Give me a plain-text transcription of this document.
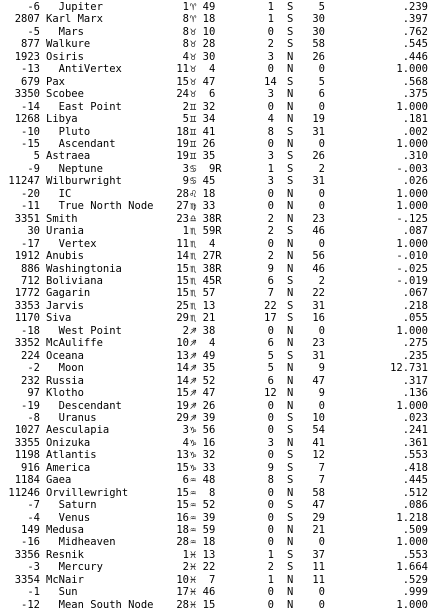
-6 Jupiter	1 ♈ 49	1 S	5	.239
2807 Karl Marx	8 ♈ 18	1 S	30	.397
-5 Mars	8 ♉ 10	0 S	30	.762
877 Walkure	8 ♉ 28	2 S	58	.545
1923 Osiris	4 ♉ 30	3 N	26	.446
-13 AntiVertex	11 ♉  4	0 N	0	1.000
679 Pax	15 ♉ 47	14 S	5	.568
3350 Scobee	24 ♉  6	3 N	6	.375
-14 East Point	2 ♊ 32	0 N	0	1.000
1268 Libya	5 ♊ 34	4 N	19	.181
-10 Pluto	18 ♊ 41	8 S	31	.002
-15 Ascendant	19 ♊ 26	0 N	0	1.000
5 Astraea	19 ♊ 35	3 S	26	.310
-9 Neptune	3 ♋  9R	1 S	2	-.003
11247 Wilburwright	9 ♋ 45	3 S	31	.026
-20 IC	28 ♌ 18	0 N	0	1.000
-11 True North Node	27 ♍ 33	0 N	0	1.000
3351 Smith	23 ♎ 38R	2 N	23	-.125
30 Urania	1 ♏ 59R	2 S	46	.087
-17 Vertex	11 ♏  4	0 N	0	1.000
1912 Anubis	14 ♏ 27R	2 N	56	-.010
886 Washingtonia	15 ♏ 38R	9 N	46	-.025
712 Boliviana	15 ♏ 45R	6 S	2	-.019
1772 Gagarin	15 ♏ 57	7 N	22	.067
3353 Jarvis	25 ♏ 13	22 S	31	.218
1170 Siva	29 ♏ 21	17 S	16	.055
-18 West Point	2 ♐ 38	0 N	0	1.000
3352 McAuliffe	10 ♐  4	6 N	23	.275
224 Oceana	13 ♐ 49	5 S	31	.235
-2 Moon	14 ♐ 35	5 N	9	12.731
232 Russia	14 ♐ 52	6 N	47	.317
97 Klotho	15 ♐ 47	12 N	9	.136
-19 Descendant	19 ♐ 26	0 N	0	1.000
-8 Uranus	29 ♐ 39	0 S	10	.023
1027 Aesculapia	3 ♑ 56	0 S	54	.241
3355 Onizuka	4 ♑ 16	3 N	41	.361
1198 Atlantis	13 ♑ 32	0 S	12	.553
916 America	15 ♑ 33	9 S	7	.418
1184 Gaea	6 ♒ 48	8 S	7	.445
11246 Orvillewright	15 ♒  8	0 N	58	.512
-7 Saturn	15 ♒ 52	0 S	47	.086
-4 Venus	16 ♒ 39	0 S	29	1.218
149 Medusa	18 ♒ 59	0 N	21	.509
-16 Midheaven	28 ♒ 18	0 N	0	1.000
3356 Resnik	1 ♓ 13	1 S	37	.553
-3 Mercury	2 ♓ 22	2 S	11	1.664
3354 McNair	10 ♓  7	1 N	11	.529
-1 Sun	17 ♓ 46	0 N	0	.999
-12 Mean South Node	28 ♓ 15	0 N	0	1.000
